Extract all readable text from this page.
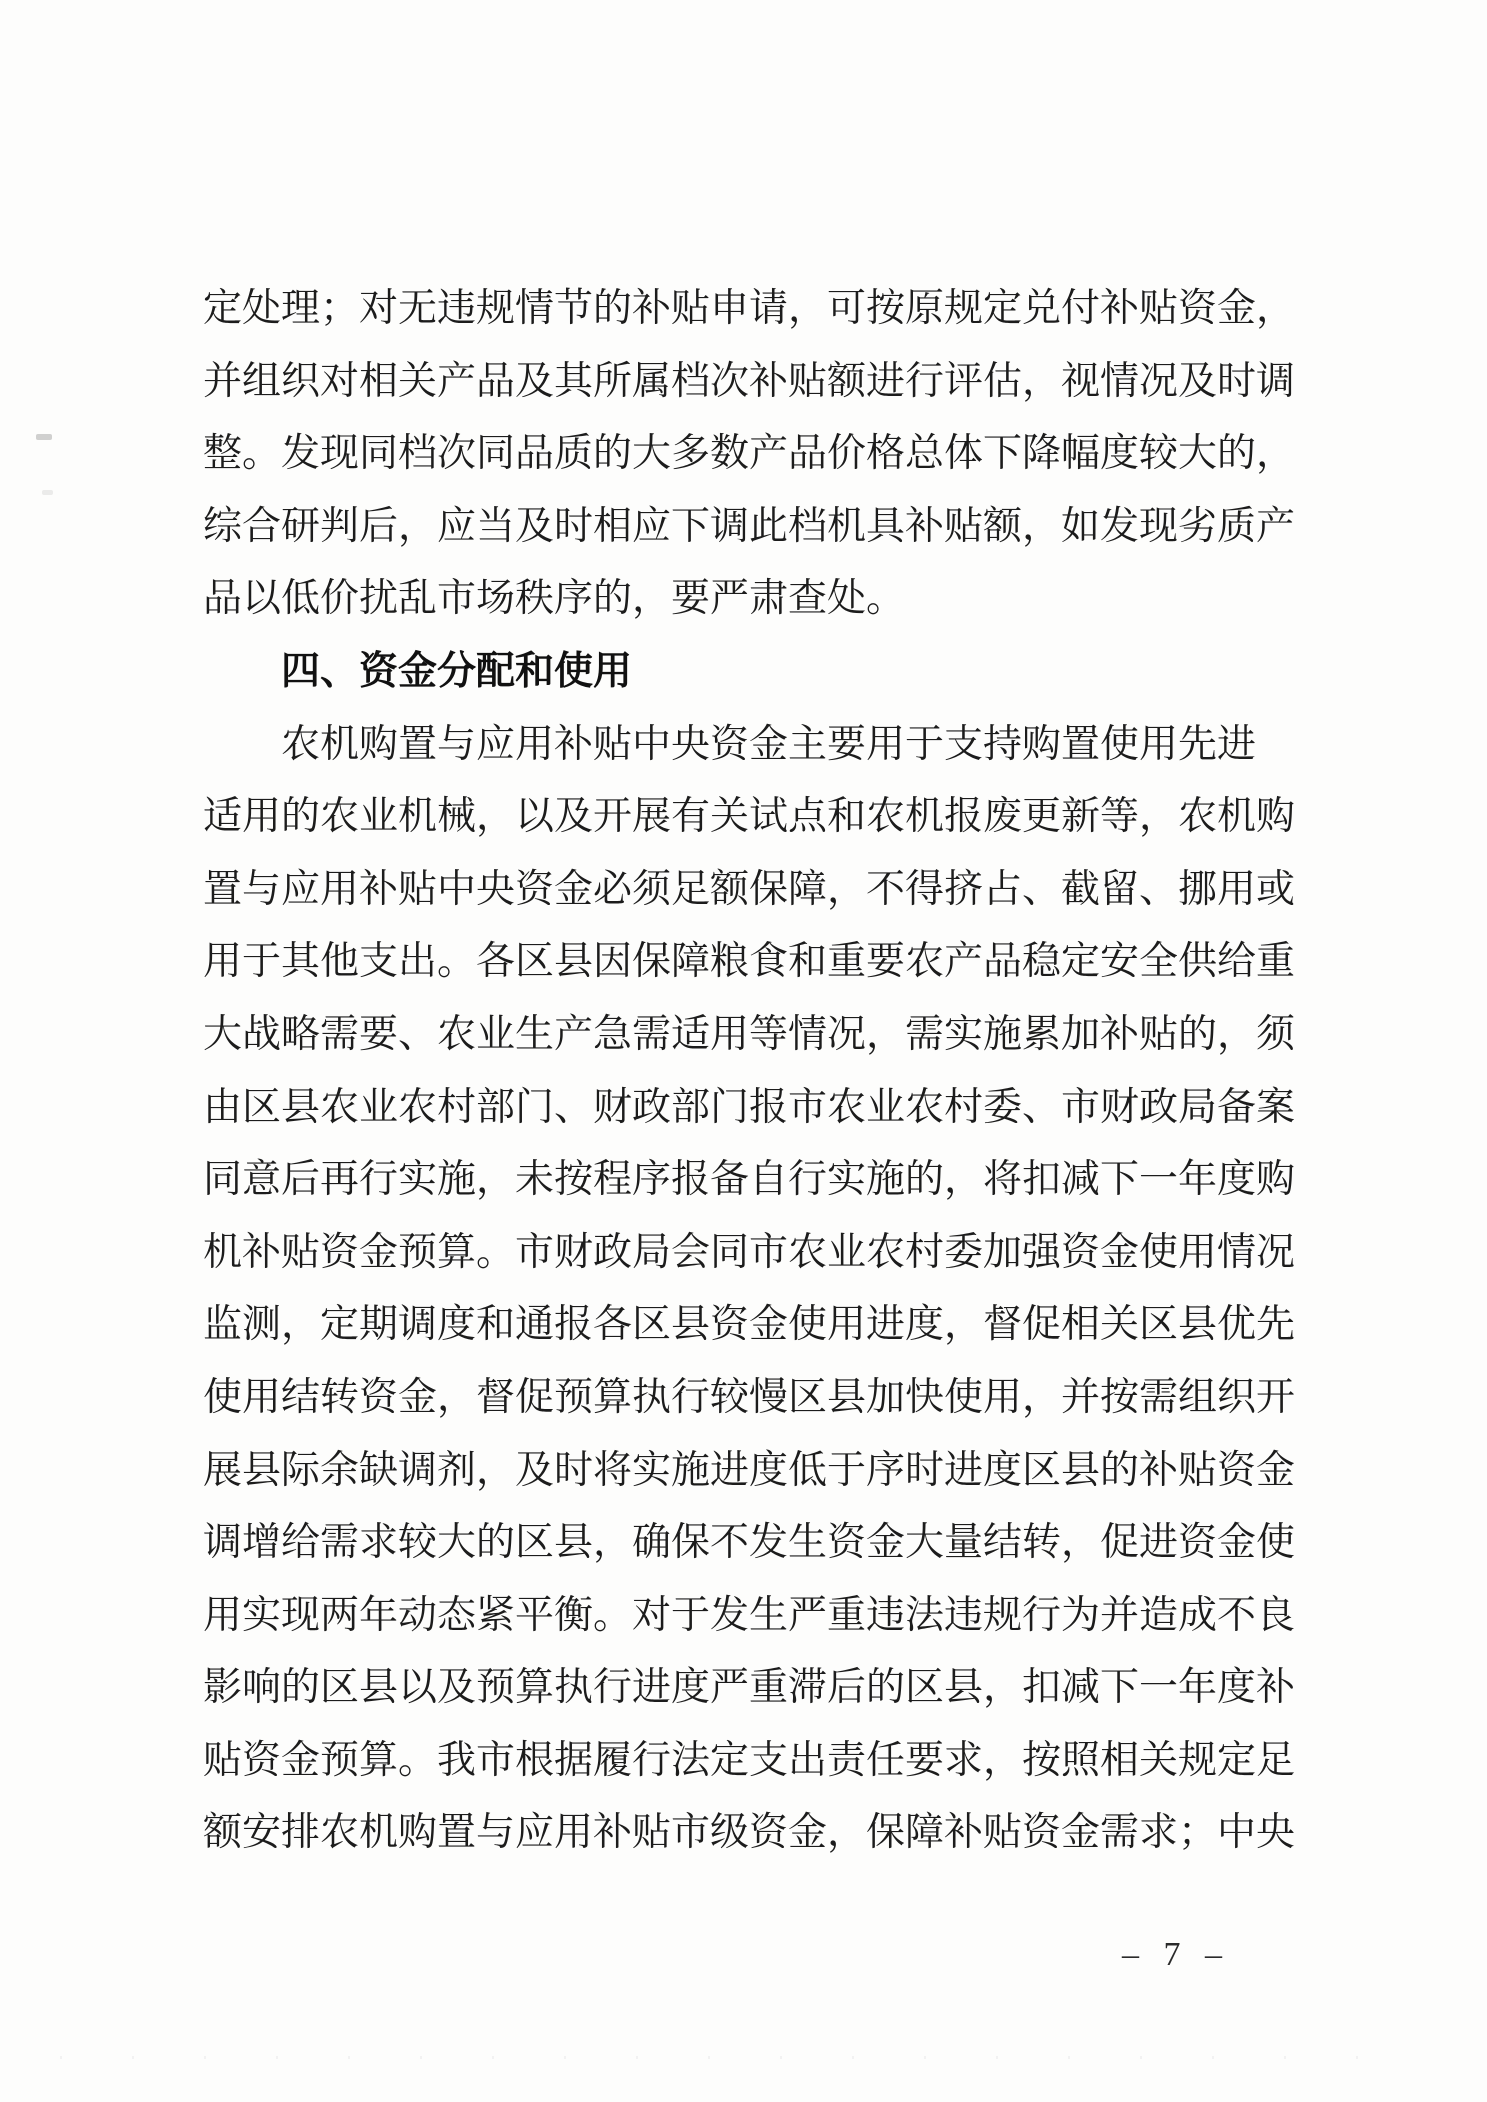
定处理；对无违规情节的补贴申请，可按原规定兑付补贴资金，
并组织对相关产品及其所属档次补贴额进行评估，视情况及时调
整。发现同档次同品质的大多数产品价格总体下降幅度较大的，
综合研判后，应当及时相应下调此档机具补贴额，如发现劣质产
品以低价扰乱市场秩序的，要严肃查处。
四、资金分配和使用
农机购置与应用补贴中央资金主要用于支持购置使用先进
适用的农业机械，以及开展有关试点和农机报废更新等，农机购
置与应用补贴中央资金必须足额保障，不得挤占、截留、挪用或
用于其他支出。各区县因保障粮食和重要农产品稳定安全供给重
大战略需要、农业生产急需适用等情况，需实施累加补贴的，须
由区县农业农村部门、财政部门报市农业农村委、市财政局备案
同意后再行实施，未按程序报备自行实施的，将扣减下一年度购
机补贴资金预算。市财政局会同市农业农村委加强资金使用情况
监测，定期调度和通报各区县资金使用进度，督促相关区县优先
使用结转资金，督促预算执行较慢区县加快使用，并按需组织开
展县际余缺调剂，及时将实施进度低于序时进度区县的补贴资金
调增给需求较大的区县，确保不发生资金大量结转，促进资金使
用实现两年动态紧平衡。对于发生严重违法违规行为并造成不良
影响的区县以及预算执行进度严重滞后的区县，扣减下一年度补
贴资金预算。我市根据履行法定支出责任要求，按照相关规定足
额安排农机购置与应用补贴市级资金，保障补贴资金需求；中央
– 7 –
